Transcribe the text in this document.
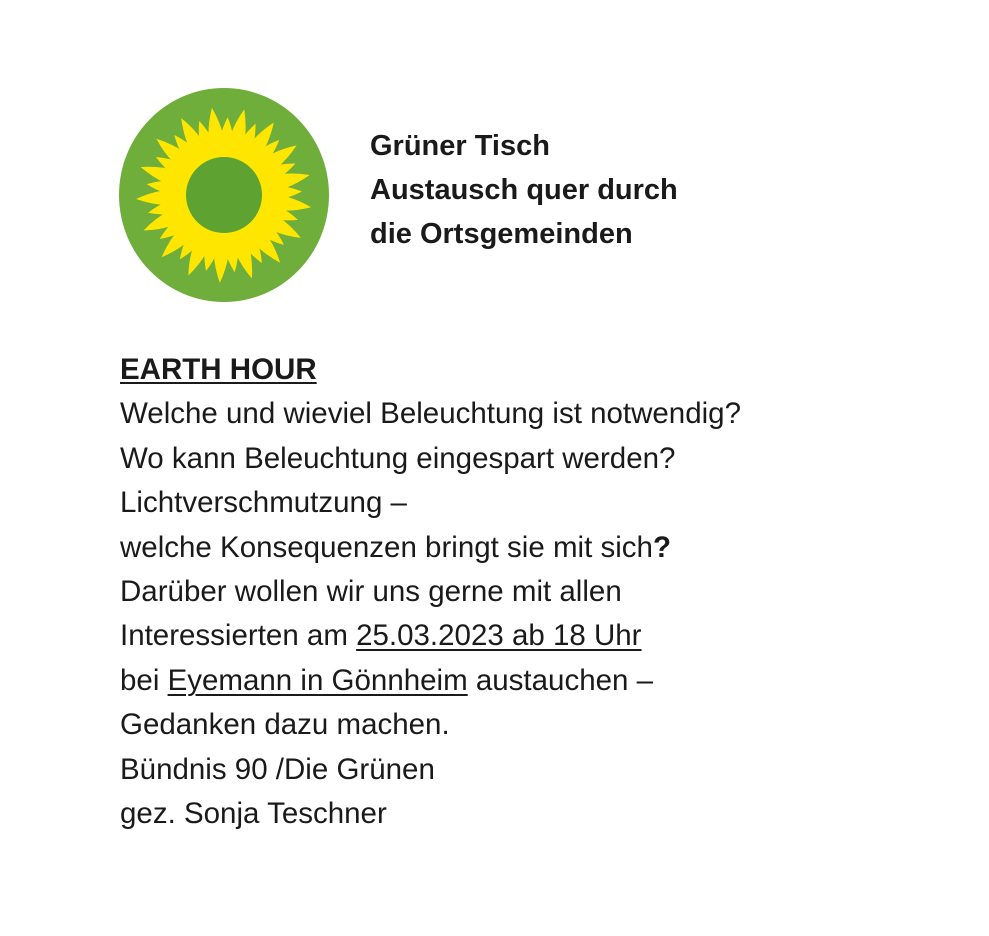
Grüner Tisch
Austausch quer durch
die Ortsgemeinden
EARTH HOUR
Welche und wieviel Beleuchtung ist notwendig?
Wo kann Beleuchtung eingespart werden?
Lichtverschmutzung –
welche Konsequenzen bringt sie mit sich?
Darüber wollen wir uns gerne mit allen
Interessierten am 25.03.2023 ab 18 Uhr
bei Eyemann in Gönnheim austauchen –
Gedanken dazu machen.
Bündnis 90 /Die Grünen
gez. Sonja Teschner
